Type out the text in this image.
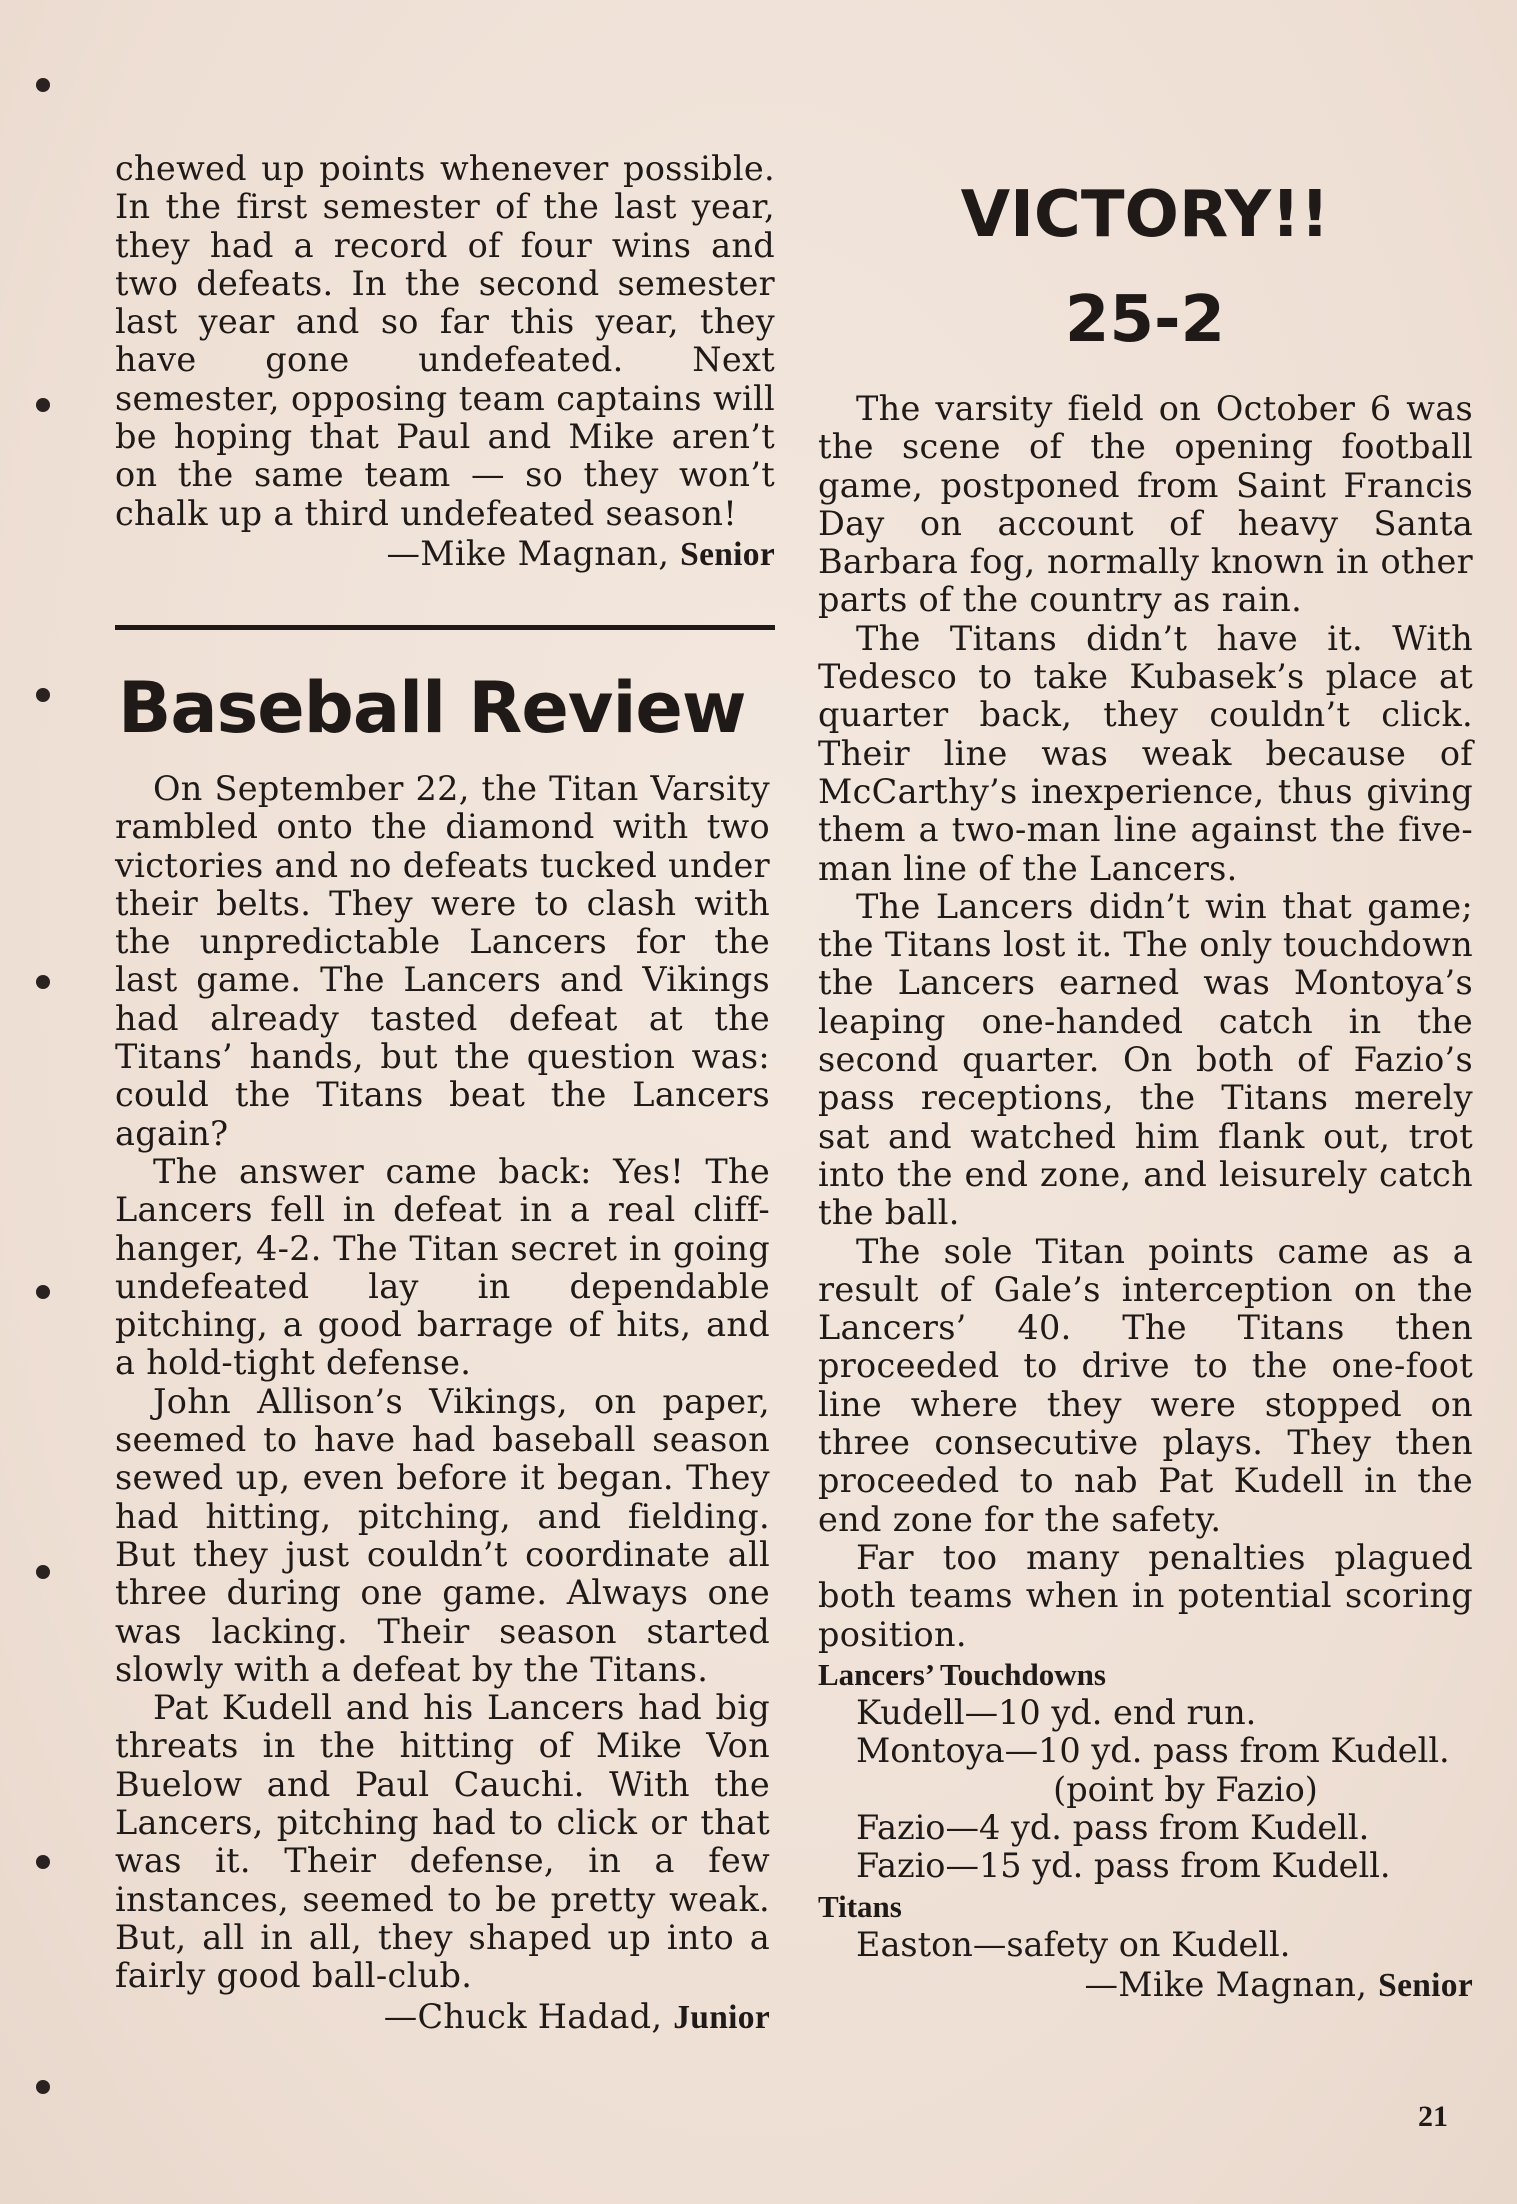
chewed up points whenever possible. In the first semester of the last year, they had a record of four wins and two defeats. In the second semester last year and so far this year, they have gone undefeated. Next semester, opposing team captains will be hoping that Paul and Mike aren’t on the same team — so they won’t chalk up a third undefeated season!

—Mike Magnan, Senior

Baseball Review

On September 22, the Titan Varsity rambled onto the diamond with two victories and no defeats tucked under their belts. They were to clash with the unpredictable Lancers for the last game. The Lancers and Vikings had already tasted defeat at the Titans’ hands, but the question was: could the Titans beat the Lancers again?

The answer came back: Yes! The Lancers fell in defeat in a real cliff-hanger, 4-2. The Titan secret in going undefeated lay in dependable pitching, a good barrage of hits, and a hold-tight defense.

John Allison’s Vikings, on paper, seemed to have had baseball season sewed up, even before it began. They had hitting, pitching, and fielding. But they just couldn’t coordinate all three during one game. Always one was lacking. Their season started slowly with a defeat by the Titans.

Pat Kudell and his Lancers had big threats in the hitting of Mike Von Buelow and Paul Cauchi. With the Lancers, pitching had to click or that was it. Their defense, in a few instances, seemed to be pretty weak. But, all in all, they shaped up into a fairly good ball-club.

—Chuck Hadad, Junior

VICTORY!!
25-2

The varsity field on October 6 was the scene of the opening football game, postponed from Saint Francis Day on account of heavy Santa Barbara fog, normally known in other parts of the country as rain.

The Titans didn’t have it. With Tedesco to take Kubasek’s place at quarter back, they couldn’t click. Their line was weak because of McCarthy’s inexperience, thus giving them a two-man line against the five-man line of the Lancers.

The Lancers didn’t win that game; the Titans lost it. The only touchdown the Lancers earned was Montoya’s leaping one-handed catch in the second quarter. On both of Fazio’s pass receptions, the Titans merely sat and watched him flank out, trot into the end zone, and leisurely catch the ball.

The sole Titan points came as a result of Gale’s interception on the Lancers’ 40. The Titans then proceeded to drive to the one-foot line where they were stopped on three consecutive plays. They then proceeded to nab Pat Kudell in the end zone for the safety.

Far too many penalties plagued both teams when in potential scoring position.

Lancers’ Touchdowns
Kudell—10 yd. end run.
Montoya—10 yd. pass from Kudell.
(point by Fazio)
Fazio—4 yd. pass from Kudell.
Fazio—15 yd. pass from Kudell.
Titans
Easton—safety on Kudell.

—Mike Magnan, Senior

21
